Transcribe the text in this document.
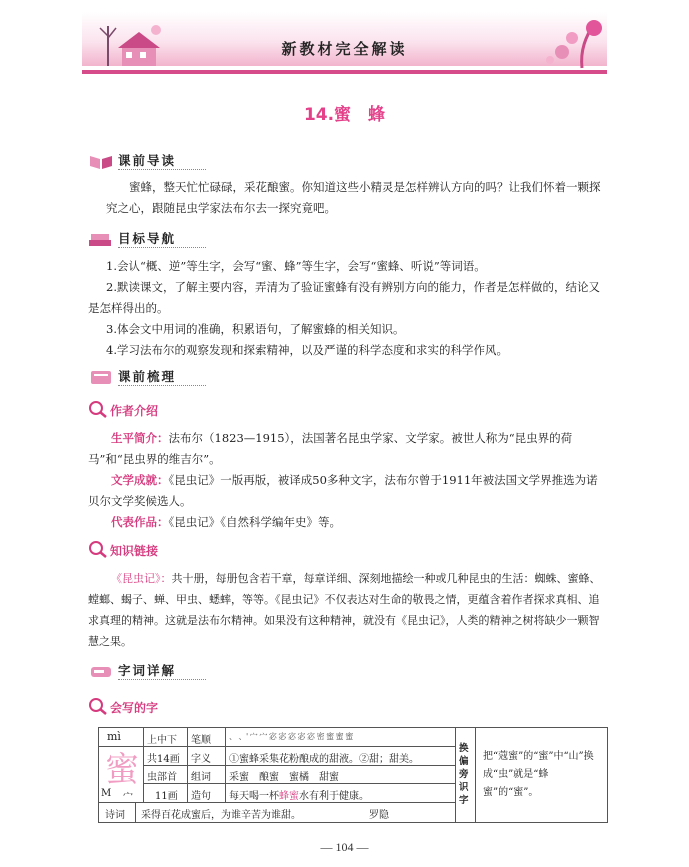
新教材完全解读
14.蜜　蜂
课前导读
蜜蜂，整天忙忙碌碌，采花酿蜜。你知道这些小精灵是怎样辨认方向的吗？让我们怀着一颗探究之心，跟随昆虫学家法布尔去一探究竟吧。
目标导航
1.会认“概、逆”等生字，会写“蜜、蜂”等生字，会写“蜜蜂、听说”等词语。
2.默读课文，了解主要内容，弄清为了验证蜜蜂有没有辨别方向的能力，作者是怎样做的，结论又是怎样得出的。
3.体会文中用词的准确，积累语句，了解蜜蜂的相关知识。
4.学习法布尔的观察发现和探索精神，以及严谨的科学态度和求实的科学作风。
课前梳理
作者介绍
生平简介：法布尔（1823—1915），法国著名昆虫学家、文学家。被世人称为“昆虫界的荷马”和“昆虫界的维吉尔”。
文学成就：《昆虫记》一版再版，被译成50多种文字，法布尔曾于1911年被法国文学界推选为诺贝尔文学奖候选人。
代表作品：《昆虫记》《自然科学编年史》等。
知识链接
《昆虫记》：共十册，每册包含若干章，每章详细、深刻地描绘一种或几种昆虫的生活：蜘蛛、蜜蜂、螳螂、蝎子、蝉、甲虫、蟋蟀，等等。《昆虫记》不仅表达对生命的敬畏之情，更蕴含着作者探求真相、追求真理的精神。这就是法布尔精神。如果没有这种精神，就没有《昆虫记》，人类的精神之树将缺少一颗智慧之果。
字词详解
会写的字
mì
蜜
M 宀
上中下
共14画
虫部首
11画
笔顺
字义
组词
造句
、 、' 宀 宀 宓 宓 宓 宓 宓 密 蜜 蜜 蜜
①蜜蜂采集花粉酿成的甜液。②甜；甜美。
采蜜　酿蜜　蜜橘　甜蜜
每天喝一杯蜂蜜水有利于健康。
诗词 采得百花成蜜后，为谁辛苦为谁甜。	罗隐
换偏旁识字
把“蔻蜜”的“蜜”中“山”换成“虫”就是“蜂蜜”的“蜜”。
— 104 —
